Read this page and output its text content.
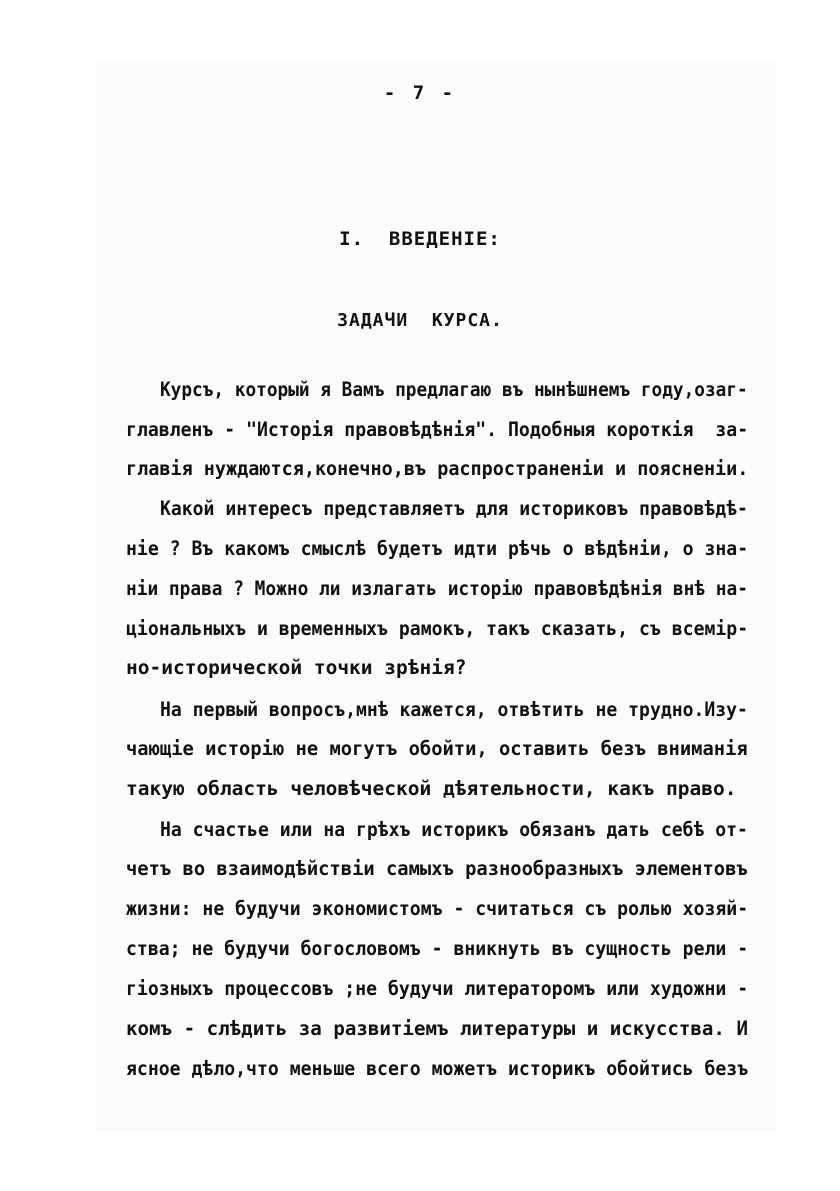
- 7 -
I.  ВВЕДЕНІЕ:
ЗАДАЧИ  КУРСА.
Курсъ, который я Вамъ предлагаю въ нынѣшнемъ году,озаг-
главленъ - "Исторія правовѣдѣнія". Подобныя короткія  за-
главія нуждаются,конечно,въ распространеніи и поясненіи.
Какой интересъ представляетъ для историковъ правовѣдѣ-
ніе ? Въ какомъ смыслѣ будетъ идти рѣчь о вѣдѣніи, о зна-
ніи права ? Можно ли излагать исторію правовѣдѣнія внѣ на-
ціональныхъ и временныхъ рамокъ, такъ сказать, съ всемір-
но-исторической точки зрѣнія?
На первый вопросъ,мнѣ кажется, отвѣтить не трудно.Изу-
чающіе исторію не могутъ обойти, оставить безъ вниманія
такую область человѣческой дѣятельности, какъ право.
На счастье или на грѣхъ историкъ обязанъ дать себѣ от-
четъ во взаимодѣйствіи самыхъ разнообразныхъ элементовъ
жизни: не будучи экономистомъ - считаться съ ролью хозяй-
ства; не будучи богословомъ - вникнуть въ сущность рели -
гіозныхъ процессовъ ;не будучи литераторомъ или художни -
комъ - слѣдить за развитіемъ литературы и искусства. И
ясное дѣло,что меньше всего можетъ историкъ обойтись безъ
